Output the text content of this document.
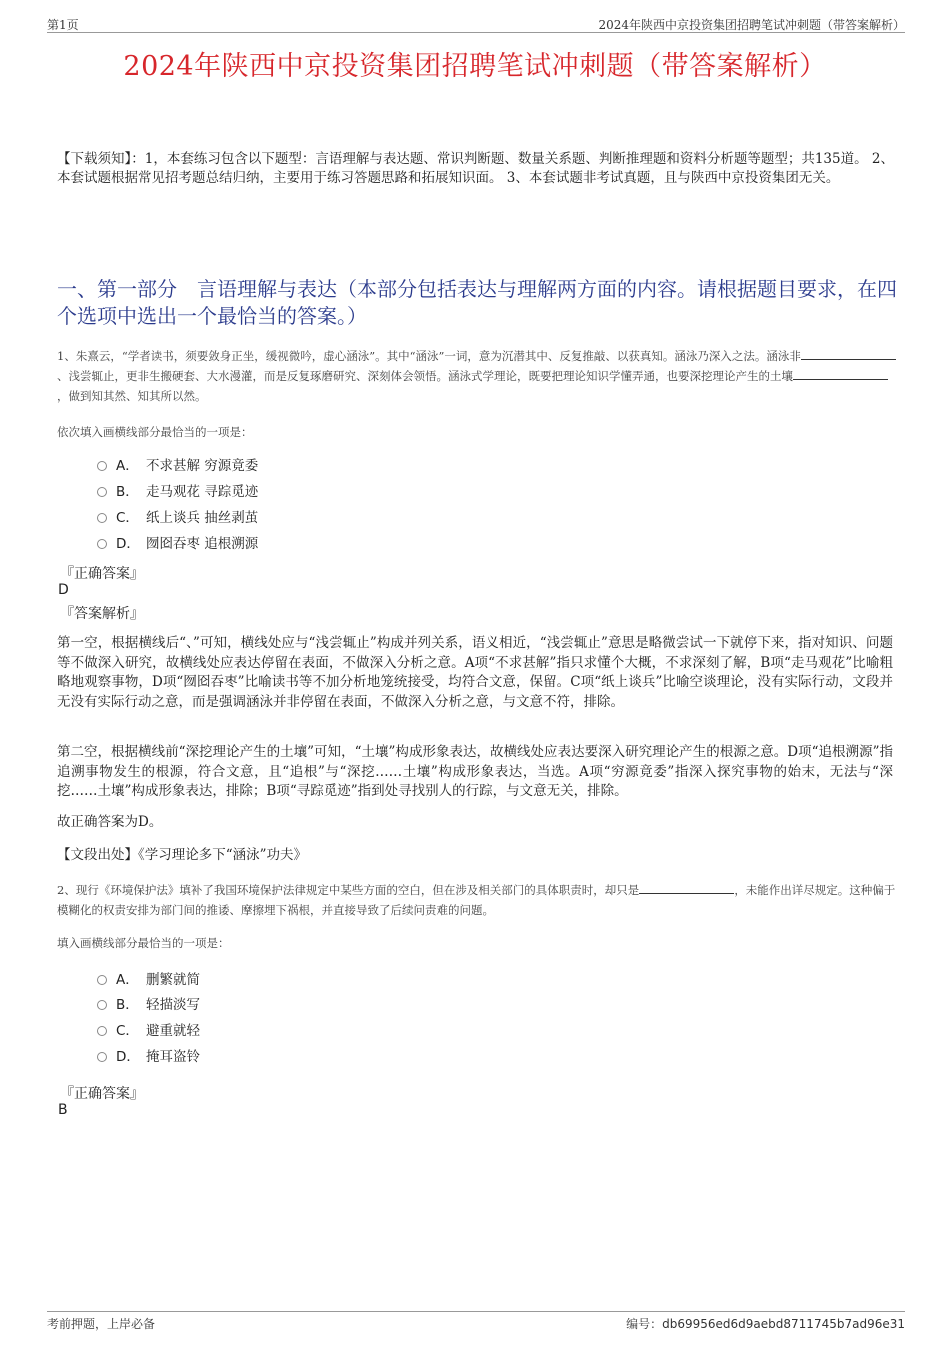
第1页	2024年陕西中京投资集团招聘笔试冲刺题（带答案解析）
2024年陕西中京投资集团招聘笔试冲刺题（带答案解析）
【下载须知】：1，本套练习包含以下题型：言语理解与表达题、常识判断题、数量关系题、判断推理题和资料分析题等题型；共135道。 2、本套试题根据常见招考题总结归纳，主要用于练习答题思路和拓展知识面。 3、本套试题非考试真题，且与陕西中京投资集团无关。
一、第一部分　言语理解与表达（本部分包括表达与理解两方面的内容。请根据题目要求，在四个选项中选出一个最恰当的答案。）
1、朱熹云，“学者读书，须要敛身正坐，缓视微吟，虚心涵泳”。其中“涵泳”一词，意为沉潜其中、反复推敲、以获真知。涵泳乃深入之法。涵泳非、浅尝辄止，更非生搬硬套、大水漫灌，而是反复琢磨研究、深刻体会领悟。涵泳式学理论，既要把理论知识学懂弄通，也要深挖理论产生的土壤，做到知其然、知其所以然。
依次填入画横线部分最恰当的一项是：
A． 不求甚解 穷源竟委
B． 走马观花 寻踪觅迹
C． 纸上谈兵 抽丝剥茧
D． 囫囵吞枣 追根溯源
『正确答案』
D
『答案解析』
第一空，根据横线后“、”可知，横线处应与“浅尝辄止”构成并列关系，语义相近，“浅尝辄止”意思是略微尝试一下就停下来，指对知识、问题等不做深入研究，故横线处应表达停留在表面，不做深入分析之意。A项“不求甚解”指只求懂个大概，不求深刻了解，B项“走马观花”比喻粗略地观察事物，D项“囫囵吞枣”比喻读书等不加分析地笼统接受，均符合文意，保留。C项“纸上谈兵”比喻空谈理论，没有实际行动，文段并无没有实际行动之意，而是强调涵泳并非停留在表面，不做深入分析之意，与文意不符，排除。
第二空，根据横线前“深挖理论产生的土壤”可知，“土壤”构成形象表达，故横线处应表达要深入研究理论产生的根源之意。D项“追根溯源”指追溯事物发生的根源，符合文意，且“追根”与“深挖……土壤”构成形象表达，当选。A项“穷源竟委”指深入探究事物的始末，无法与“深挖……土壤”构成形象表达，排除；B项“寻踪觅迹”指到处寻找别人的行踪，与文意无关，排除。
故正确答案为D。
【文段出处】《学习理论多下“涵泳”功夫》
2、现行《环境保护法》填补了我国环境保护法律规定中某些方面的空白，但在涉及相关部门的具体职责时，却只是	，未能作出详尽规定。这种偏于模糊化的权责安排为部门间的推诿、摩擦埋下祸根，并直接导致了后续问责难的问题。
填入画横线部分最恰当的一项是：
A． 删繁就简
B． 轻描淡写
C． 避重就轻
D． 掩耳盗铃
『正确答案』
B
考前押题，上岸必备	编号：db69956ed6d9aebd8711745b7ad96e31
